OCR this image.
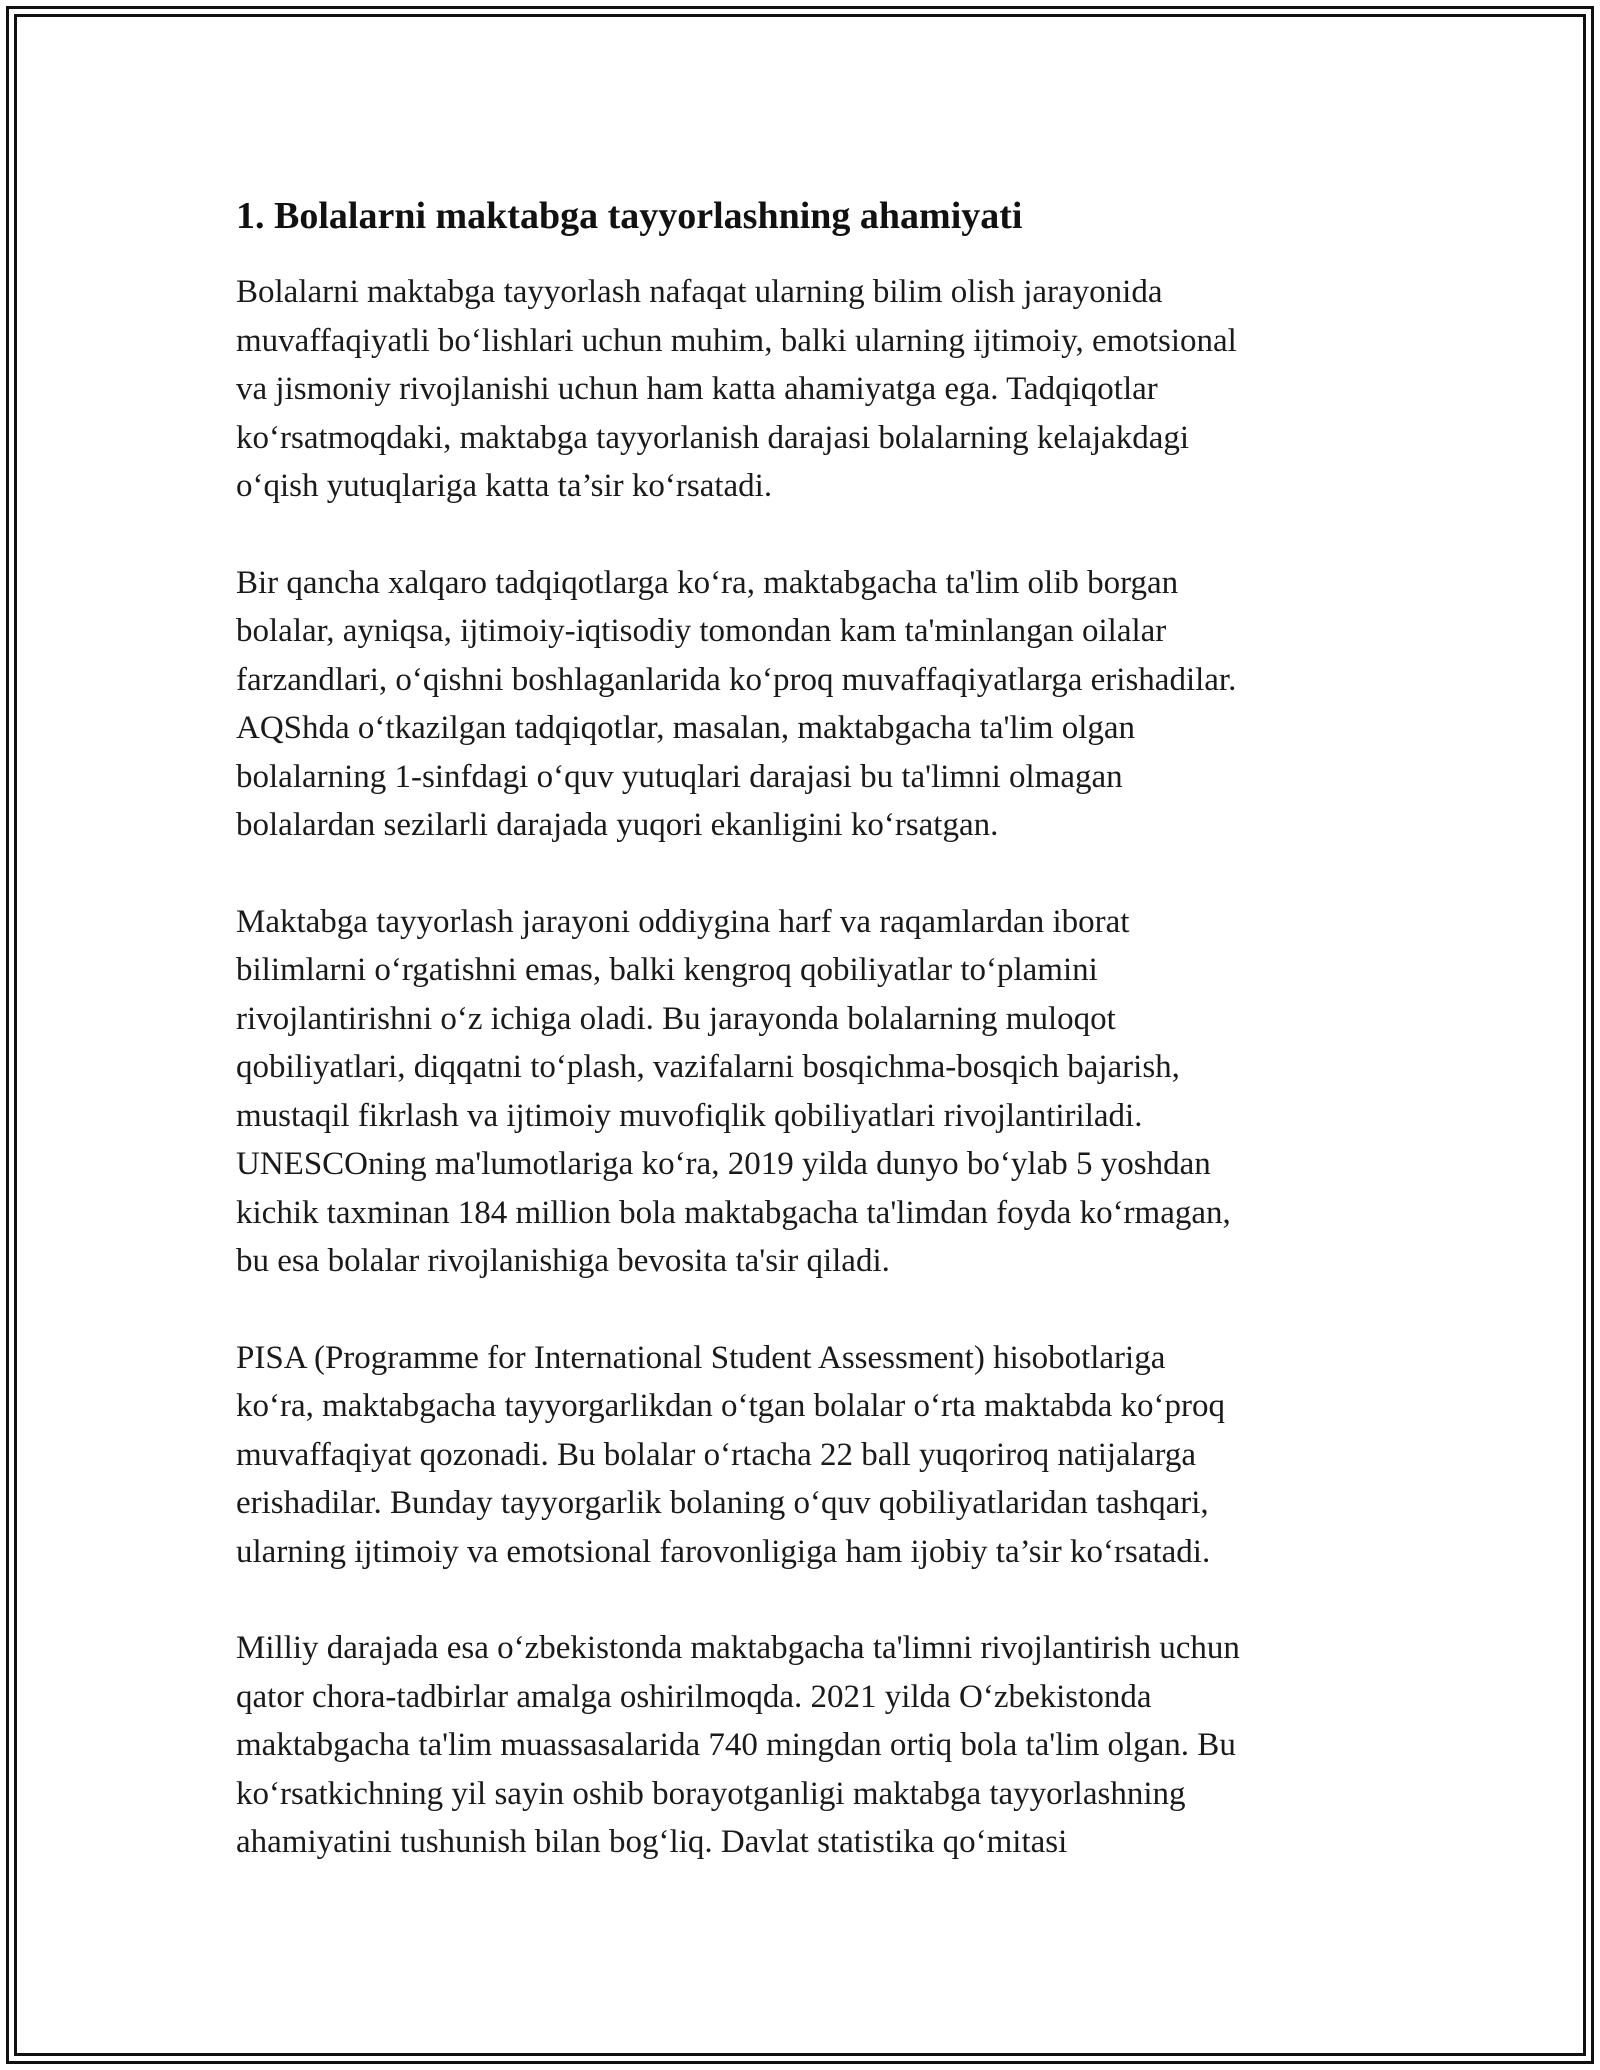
1. Bolalarni maktabga tayyorlashning ahamiyati

Bolalarni maktabga tayyorlash nafaqat ularning bilim olish jarayonida
muvaffaqiyatli bo‘lishlari uchun muhim, balki ularning ijtimoiy, emotsional
va jismoniy rivojlanishi uchun ham katta ahamiyatga ega. Tadqiqotlar
ko‘rsatmoqdaki, maktabga tayyorlanish darajasi bolalarning kelajakdagi
o‘qish yutuqlariga katta ta’sir ko‘rsatadi.

Bir qancha xalqaro tadqiqotlarga ko‘ra, maktabgacha ta'lim olib borgan
bolalar, ayniqsa, ijtimoiy-iqtisodiy tomondan kam ta'minlangan oilalar
farzandlari, o‘qishni boshlaganlarida ko‘proq muvaffaqiyatlarga erishadilar.
AQShda o‘tkazilgan tadqiqotlar, masalan, maktabgacha ta'lim olgan
bolalarning 1-sinfdagi o‘quv yutuqlari darajasi bu ta'limni olmagan
bolalardan sezilarli darajada yuqori ekanligini ko‘rsatgan.

Maktabga tayyorlash jarayoni oddiygina harf va raqamlardan iborat
bilimlarni o‘rgatishni emas, balki kengroq qobiliyatlar to‘plamini
rivojlantirishni o‘z ichiga oladi. Bu jarayonda bolalarning muloqot
qobiliyatlari, diqqatni to‘plash, vazifalarni bosqichma-bosqich bajarish,
mustaqil fikrlash va ijtimoiy muvofiqlik qobiliyatlari rivojlantiriladi.
UNESCOning ma'lumotlariga ko‘ra, 2019 yilda dunyo bo‘ylab 5 yoshdan
kichik taxminan 184 million bola maktabgacha ta'limdan foyda ko‘rmagan,
bu esa bolalar rivojlanishiga bevosita ta'sir qiladi.

PISA (Programme for International Student Assessment) hisobotlariga
ko‘ra, maktabgacha tayyorgarlikdan o‘tgan bolalar o‘rta maktabda ko‘proq
muvaffaqiyat qozonadi. Bu bolalar o‘rtacha 22 ball yuqoriroq natijalarga
erishadilar. Bunday tayyorgarlik bolaning o‘quv qobiliyatlaridan tashqari,
ularning ijtimoiy va emotsional farovonligiga ham ijobiy ta’sir ko‘rsatadi.

Milliy darajada esa o‘zbekistonda maktabgacha ta'limni rivojlantirish uchun
qator chora-tadbirlar amalga oshirilmoqda. 2021 yilda O‘zbekistonda
maktabgacha ta'lim muassasalarida 740 mingdan ortiq bola ta'lim olgan. Bu
ko‘rsatkichning yil sayin oshib borayotganligi maktabga tayyorlashning
ahamiyatini tushunish bilan bog‘liq. Davlat statistika qo‘mitasi
